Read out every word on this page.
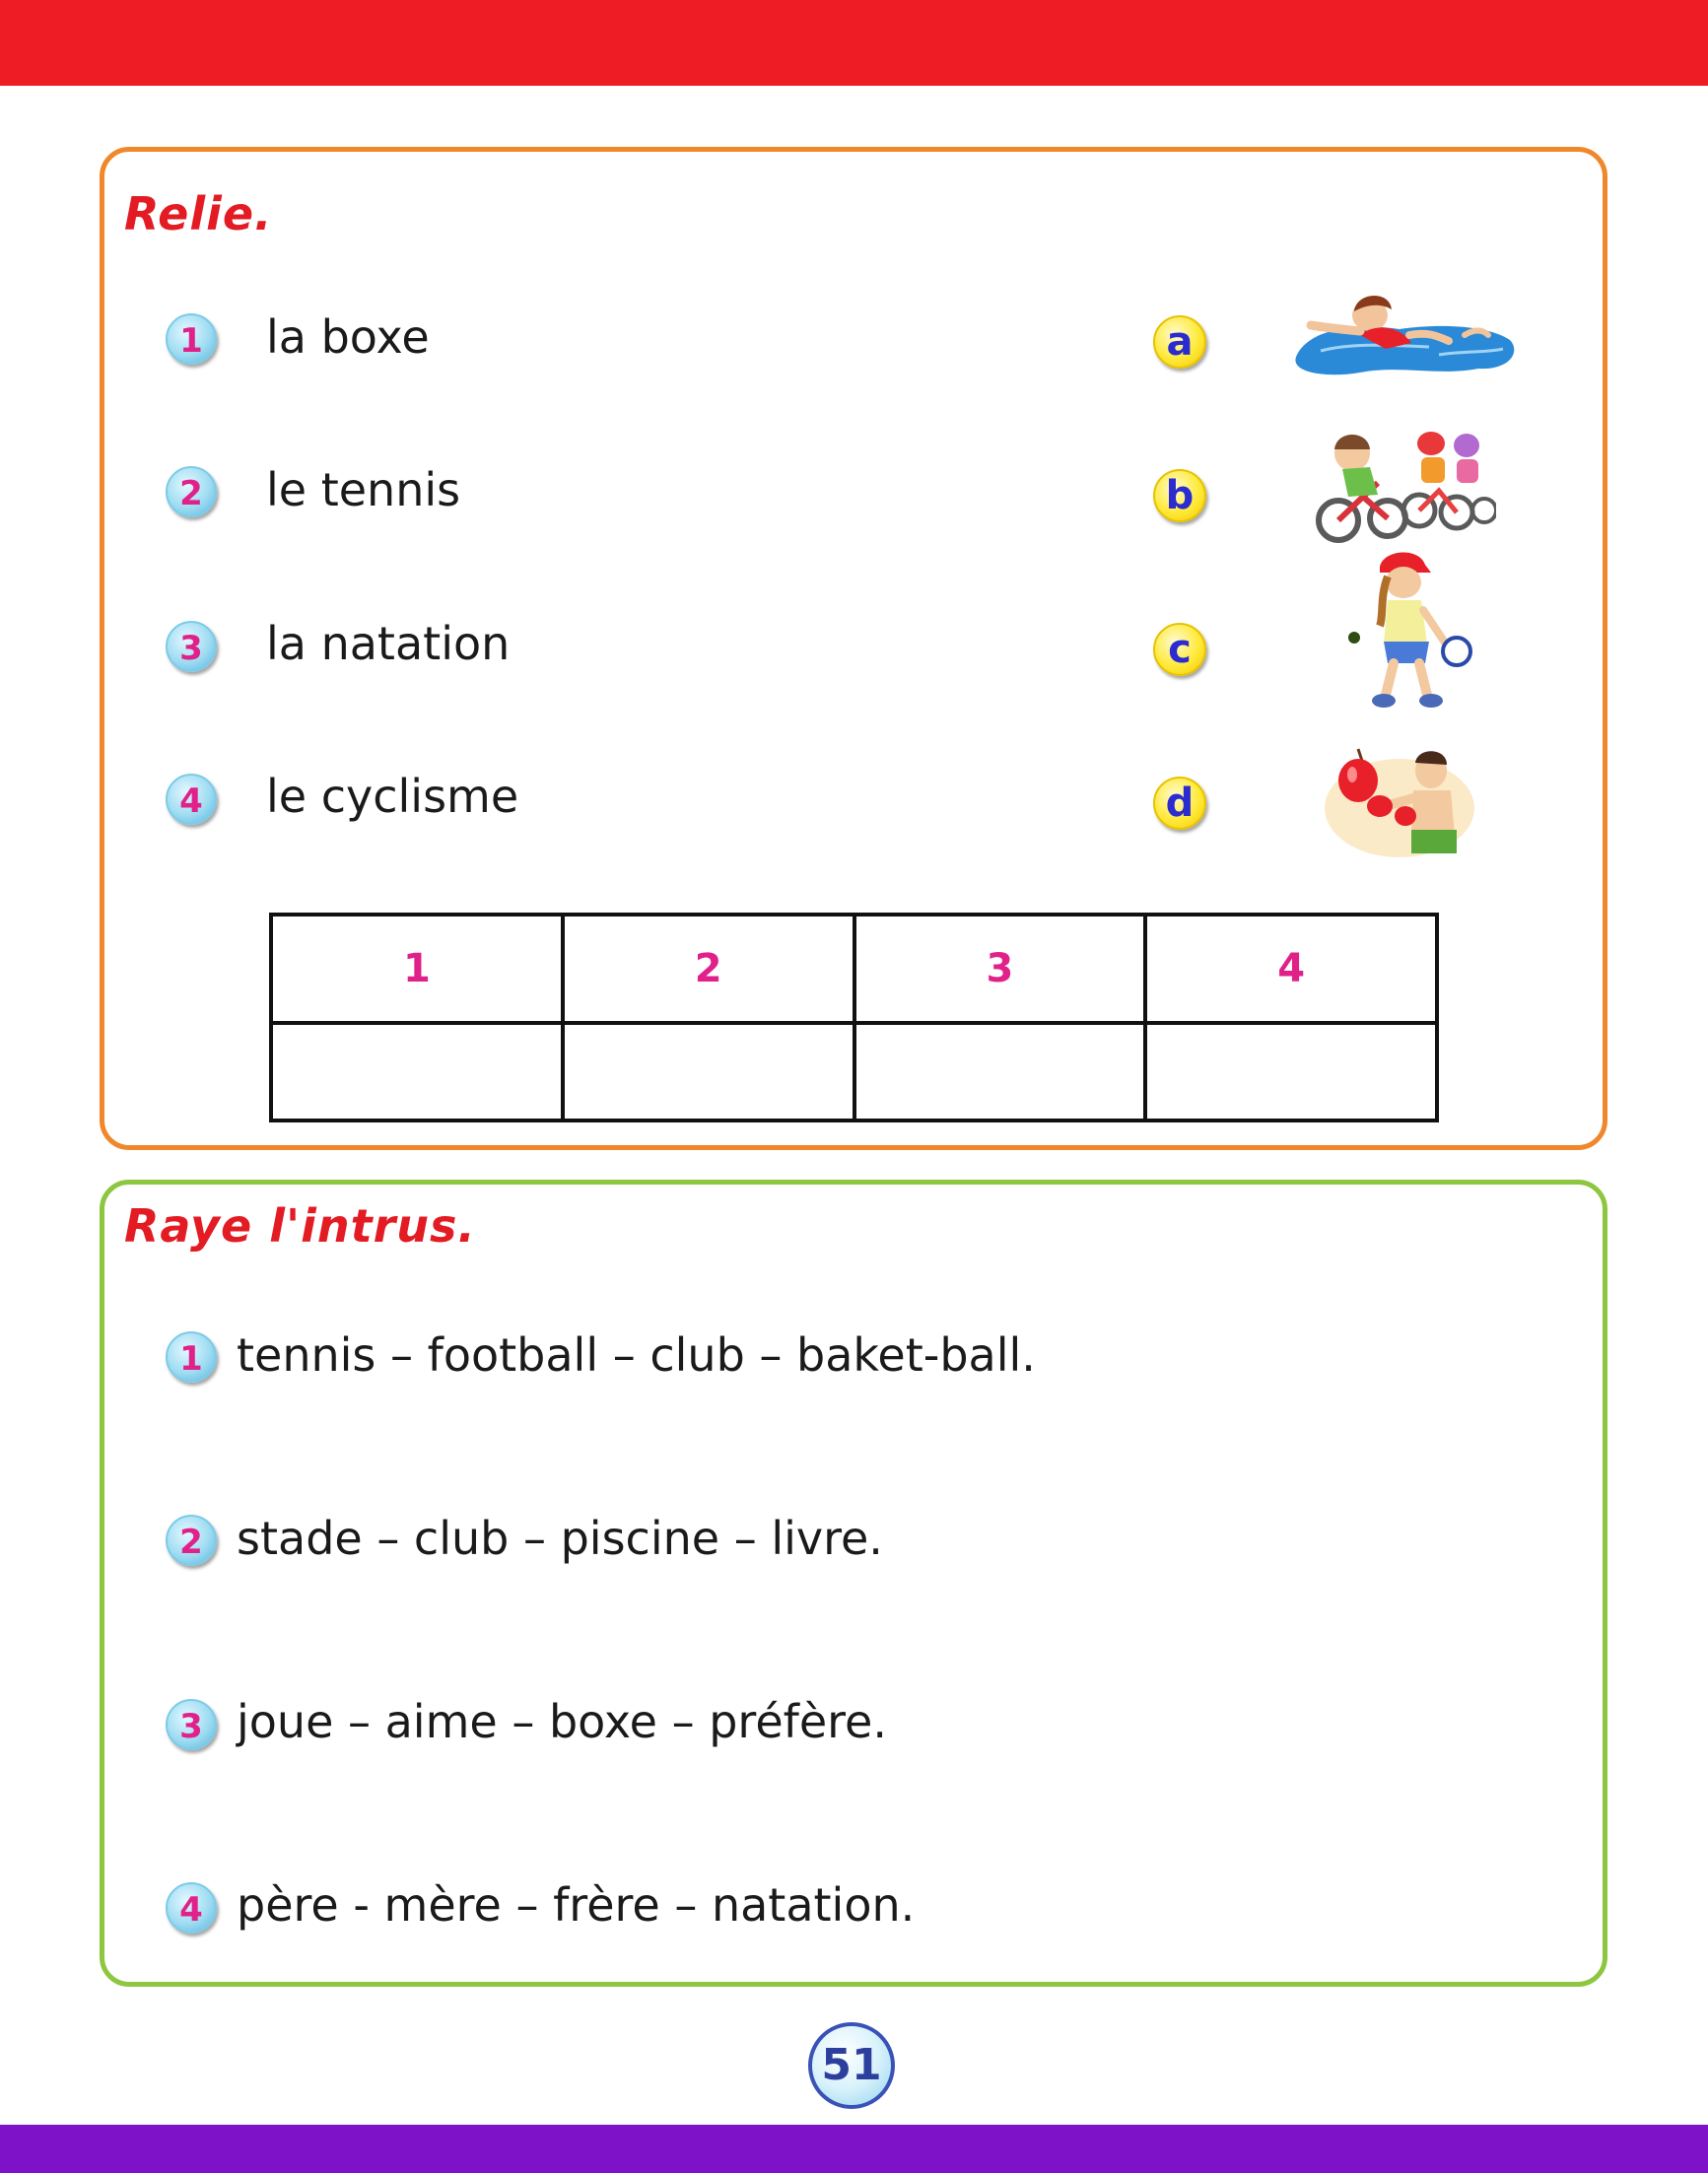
Relie.
1	la boxe
2	le tennis
3	la natation
4	le cyclisme
a
b
c
d
1	2	3	4

Raye l'intrus.
1 tennis – football – club – baket-ball.
2 stade – club – piscine – livre.
3 joue – aime – boxe – préfère.
4 père - mère – frère – natation.
51
